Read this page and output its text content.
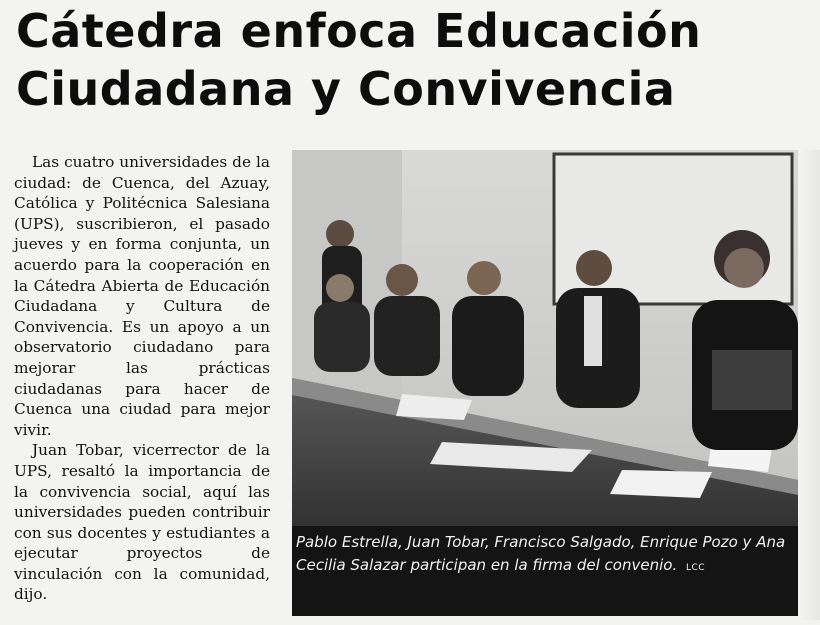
Cátedra enfoca Educación
Ciudadana y Convivencia

Las cuatro universidades de la ciudad: de Cuenca, del Azuay, Católica y Politécnica Salesiana (UPS), suscribieron, el pasado jueves y en forma conjunta, un acuerdo para la cooperación en la Cátedra Abierta de Educación Ciudadana y Cultura de Convivencia. Es un apoyo a un observatorio ciudadano para mejorar las prácticas ciudadanas para hacer de Cuenca una ciudad para mejor vivir.

Juan Tobar, vicerrector de la UPS, resaltó la importancia de la convivencia social, aquí las universidades pueden contribuir con sus docentes y estudiantes a ejecutar proyectos de vinculación con la comunidad, dijo.

Pablo Estrella, Juan Tobar, Francisco Salgado, Enrique Pozo y Ana Cecilia Salazar participan en la firma del convenio. LCC
